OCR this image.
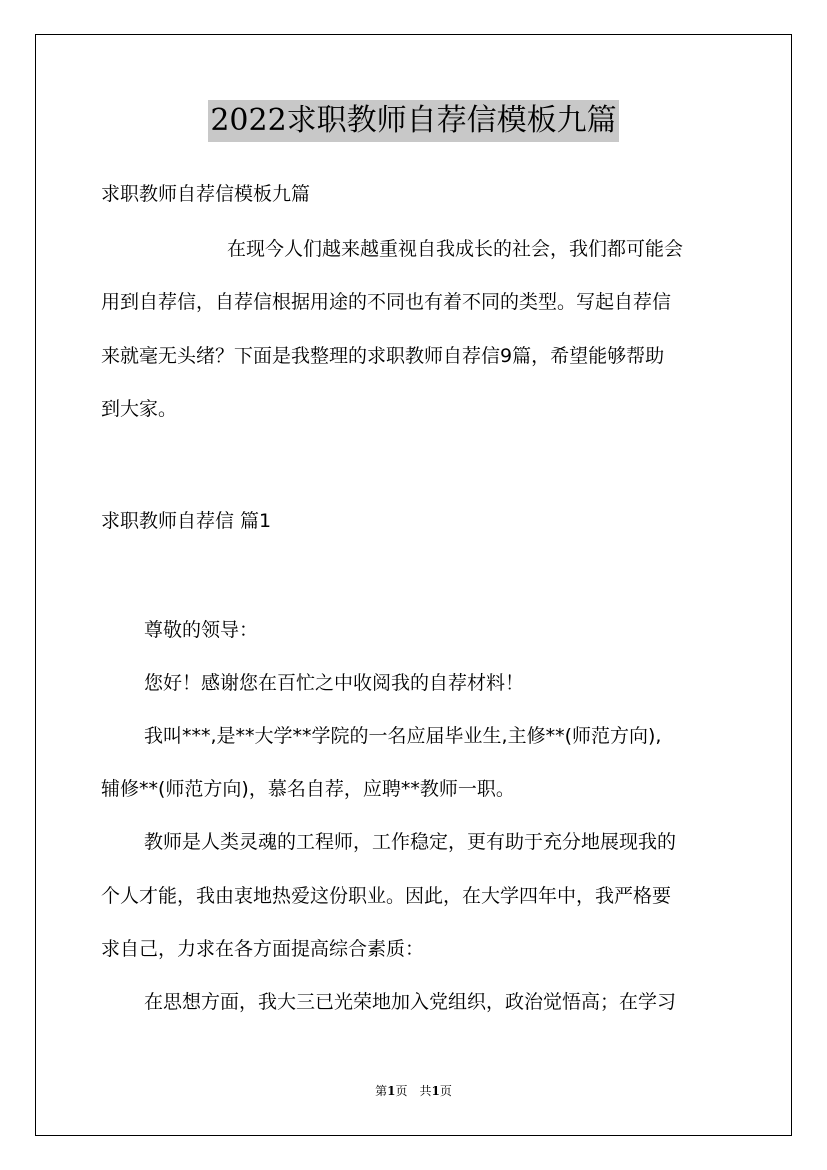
2022求职教师自荐信模板九篇
求职教师自荐信模板九篇
在现今人们越来越重视自我成长的社会，我们都可能会
用到自荐信，自荐信根据用途的不同也有着不同的类型。写起自荐信
来就毫无头绪？下面是我整理的求职教师自荐信9篇，希望能够帮助
到大家。
求职教师自荐信 篇1
尊敬的领导：
您好！感谢您在百忙之中收阅我的自荐材料！
我叫***,是**大学**学院的一名应届毕业生,主修**(师范方向),
辅修**(师范方向)，慕名自荐，应聘**教师一职。
教师是人类灵魂的工程师，工作稳定，更有助于充分地展现我的
个人才能，我由衷地热爱这份职业。因此，在大学四年中，我严格要
求自己，力求在各方面提高综合素质：
在思想方面，我大三已光荣地加入党组织，政治觉悟高；在学习
第1页　共1页
